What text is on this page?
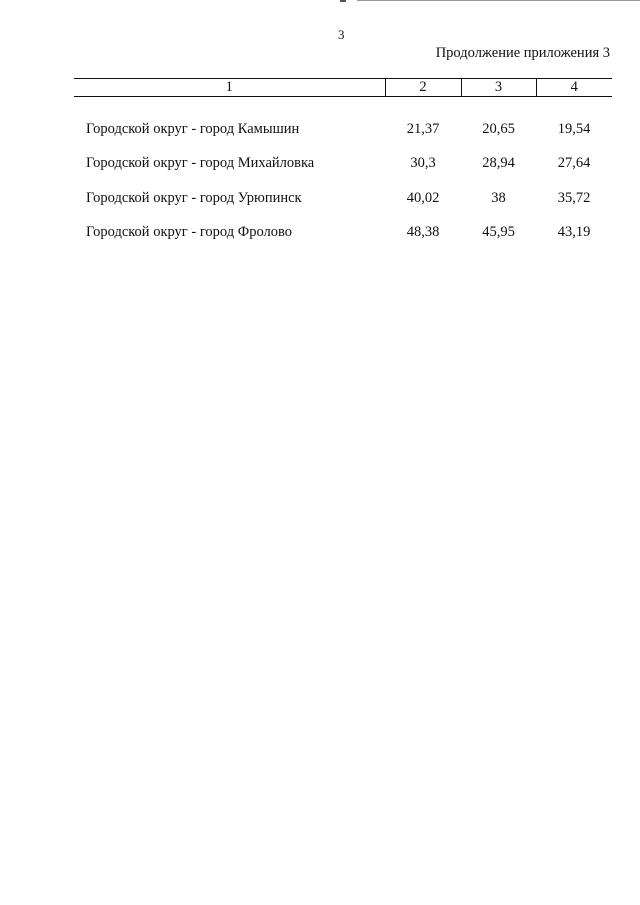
3
Продолжение приложения 3
1	2	3	4
Городской округ - город Камышин	21,37	20,65	19,54
Городской округ - город Михайловка	30,3	28,94	27,64
Городской округ - город Урюпинск	40,02	38	35,72
Городской округ - город Фролово	48,38	45,95	43,19
